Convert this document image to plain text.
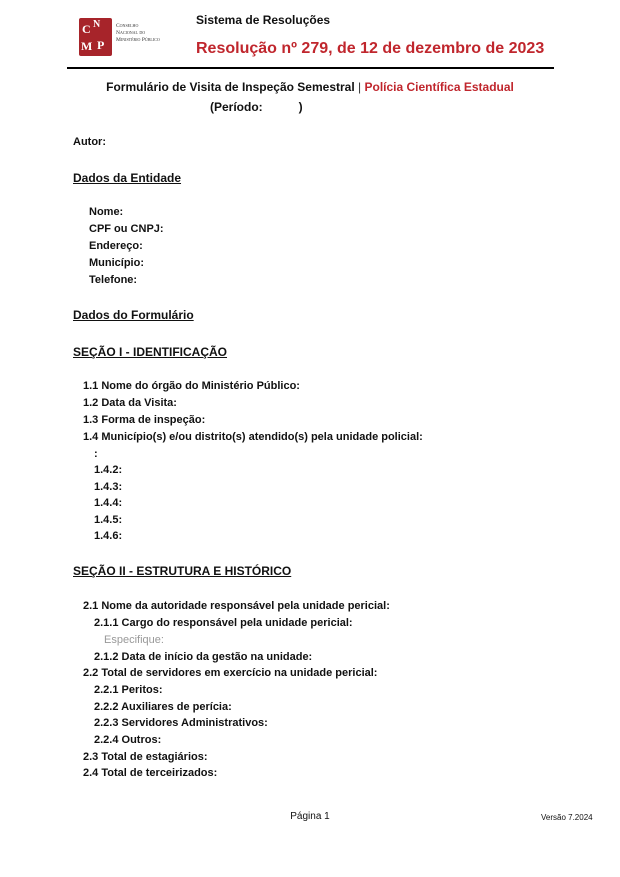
C N
M P
Conselho
Nacional do
Ministério Público
Sistema de Resoluções
Resolução nº 279, de 12 de dezembro de 2023
Formulário de Visita de Inspeção Semestral | Polícia Científica Estadual
(Período:	)
Autor:
Dados da Entidade
Nome:
CPF ou CNPJ:
Endereço:
Município:
Telefone:
Dados do Formulário
SEÇÃO I - IDENTIFICAÇÃO
1.1 Nome do órgão do Ministério Público:
1.2 Data da Visita:
1.3 Forma de inspeção:
1.4 Município(s) e/ou distrito(s) atendido(s) pela unidade policial:
:
1.4.2:
1.4.3:
1.4.4:
1.4.5:
1.4.6:
SEÇÃO II - ESTRUTURA E HISTÓRICO
2.1 Nome da autoridade responsável pela unidade pericial:
2.1.1 Cargo do responsável pela unidade pericial:
Especifique:
2.1.2 Data de início da gestão na unidade:
2.2 Total de servidores em exercício na unidade pericial:
2.2.1 Peritos:
2.2.2 Auxiliares de perícia:
2.2.3 Servidores Administrativos:
2.2.4 Outros:
2.3 Total de estagiários:
2.4 Total de terceirizados:
Página 1	Versão 7.2024
